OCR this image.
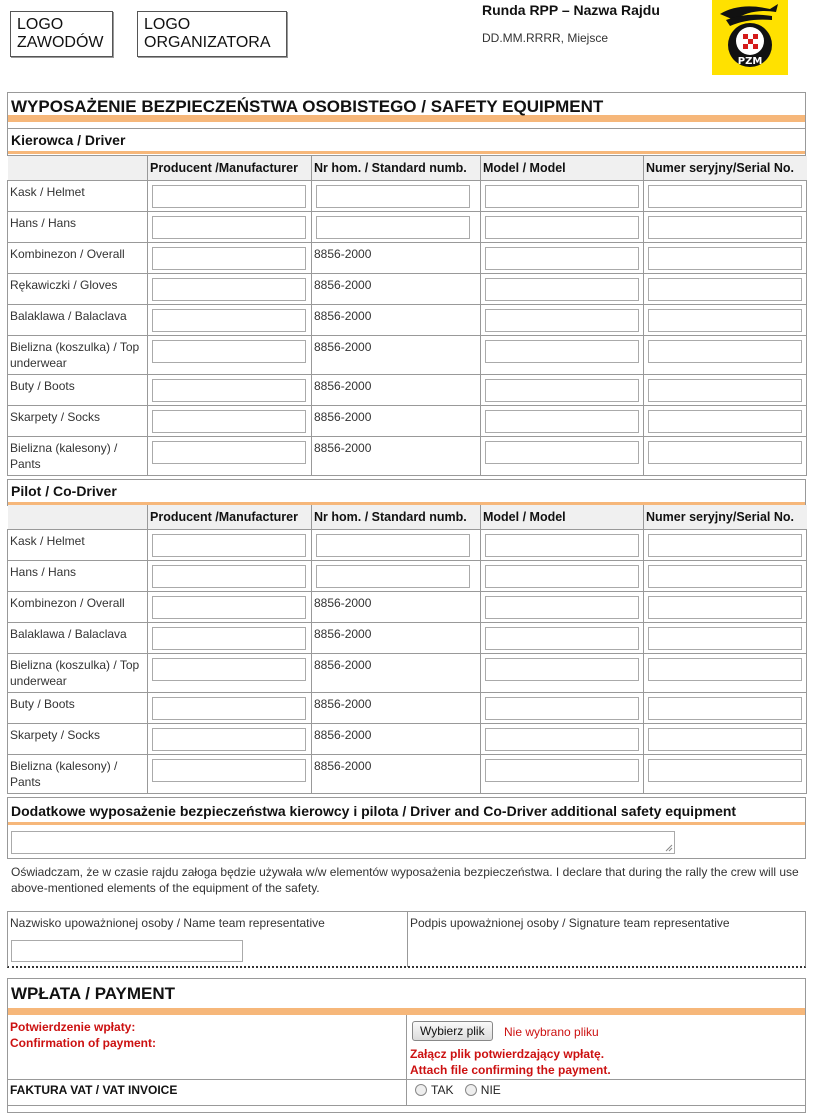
LOGO
ZAWODÓW
LOGO
ORGANIZATORA
Runda RPP – Nazwa Rajdu
DD.MM.RRRR, Miejsce
PZM
WYPOSAŻENIE BEZPIECZEŃSTWA OSOBISTEGO / SAFETY EQUIPMENT
Kierowca / Driver
	Producent /Manufacturer	Nr hom. / Standard numb.	Model / Model	Numer seryjny/Serial No.
Kask / Helmet	

Hans / Hans	

Kombinezon / Overall		8856-2000	

Rękawiczki / Gloves		8856-2000	

Balaklawa / Balaclava		8856-2000	

Bielizna (koszulka) / Top underwear		8856-2000	

Buty / Boots		8856-2000	

Skarpety / Socks		8856-2000	

Bielizna (kalesony) / Pants		8856-2000	

Pilot / Co-Driver
	Producent /Manufacturer	Nr hom. / Standard numb.	Model / Model	Numer seryjny/Serial No.
Kask / Helmet	

Hans / Hans	

Kombinezon / Overall		8856-2000	

Balaklawa / Balaclava		8856-2000	

Bielizna (koszulka) / Top underwear		8856-2000	

Buty / Boots		8856-2000	

Skarpety / Socks		8856-2000	

Bielizna (kalesony) / Pants		8856-2000	

Dodatkowe wyposażenie bezpieczeństwa kierowcy i pilota / Driver and Co-Driver additional safety equipment
Oświadczam, że w czasie rajdu załoga będzie używała w/w elementów wyposażenia bezpieczeństwa. I declare that during the rally the crew will use above-mentioned elements of the equipment of the safety.
Nazwisko upoważnionej osoby / Name team representative	Podpis upoważnionej osoby / Signature team representative
WPŁATA / PAYMENT
Potwierdzenie wpłaty:
Confirmation of payment:
Wybierz plik	Nie wybrano pliku
Załącz plik potwierdzający wpłatę.
Attach file confirming the payment.
FAKTURA VAT / VAT INVOICE	TAK NIE
